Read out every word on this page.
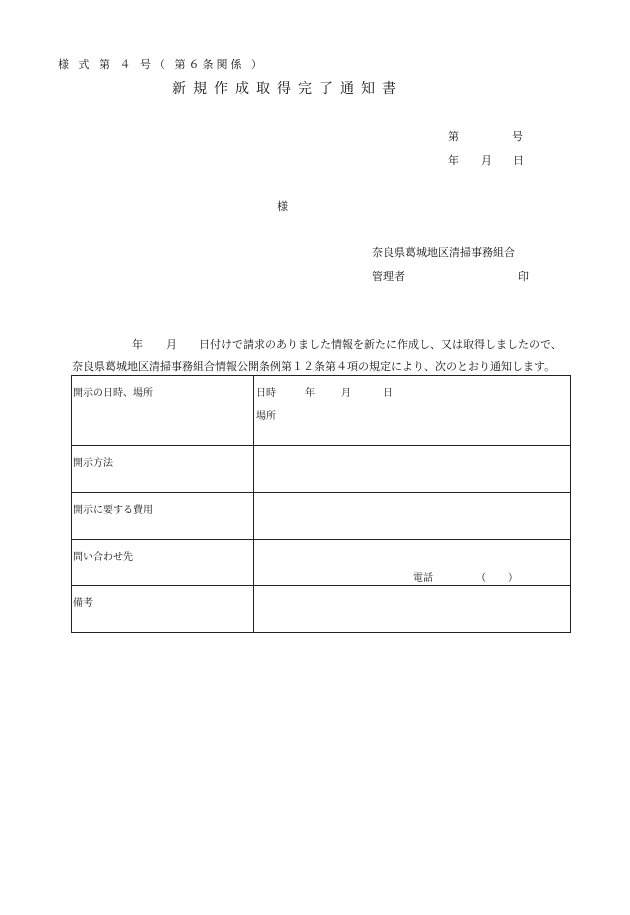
様 式 第 ４ 号（ 第６条関係 ）
新規作成取得完了通知書
第	号
年 月 日
様
奈良県葛城地区清掃事務組合
管理者	印
年 月 日付けで請求のありました情報を新たに作成し、又は取得しましたので、
奈良県葛城地区清掃事務組合情報公開条例第１２条第４項の規定により、次のとおり通知します。
開示の日時、場所	日時 年 月 日
場所

開示方法	

開示に要する費用	

問い合わせ先	電話 （ ）

備考	
